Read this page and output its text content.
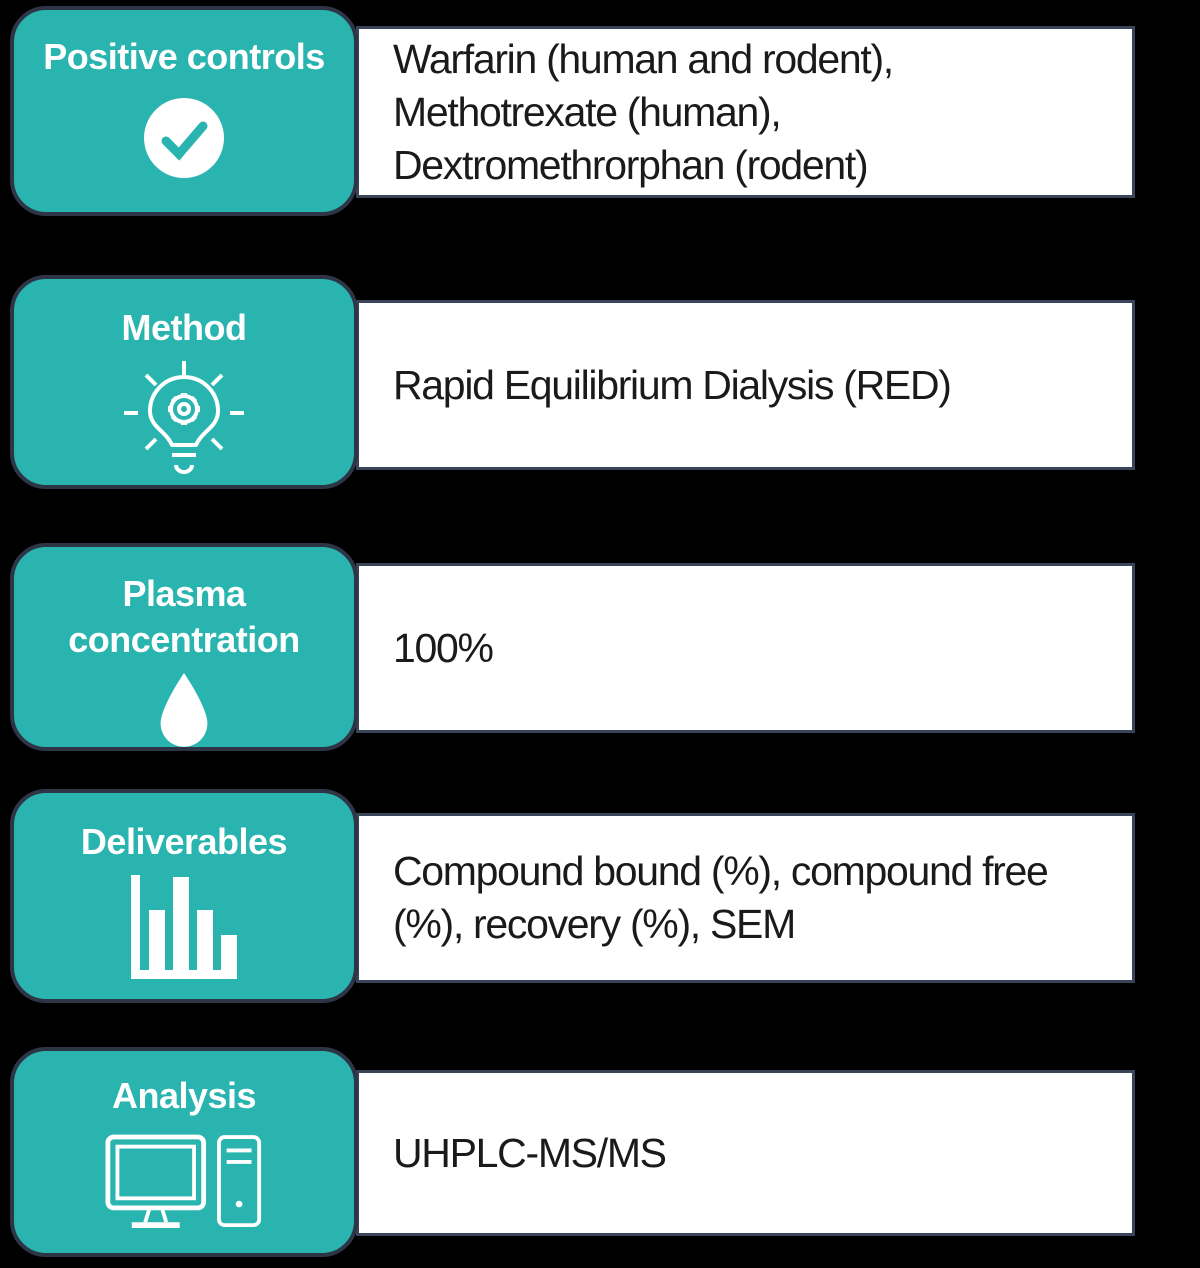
Warfarin (human and rodent),
Methotrexate (human),
Dextromethrorphan (rodent)
Positive controls
Rapid Equilibrium Dialysis (RED)
Method
100%
Plasma
concentration
Compound bound (%), compound free
(%), recovery (%), SEM
Deliverables
UHPLC-MS/MS
Analysis
